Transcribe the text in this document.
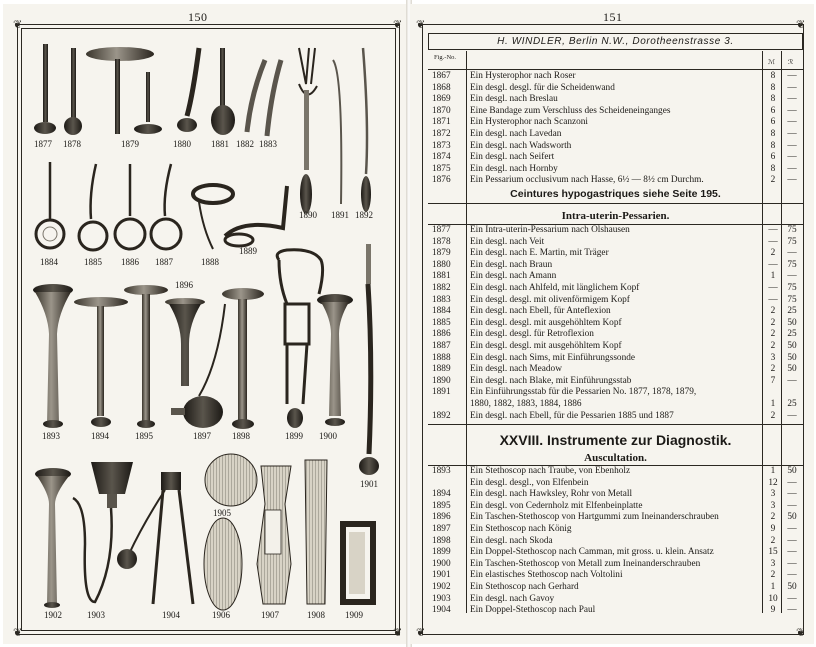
150
❦	❦
❦	❦
1877 1878	1879	1880 1881 1882 1883
1890 1891 1892
1884	1885 1886 1887	1888
1889
1896
1893	1894	1895	1897 1898	1899 1900
1901
1902	1903	1904
1905
1906	1907	1908 1909
151
❦	❦
❦	❦
H. WINDLER, Berlin N.W., Dorotheenstrasse 3.
Fig.-No.
ℳ ℛ
1867 Ein Hysterophor nach Roser	8	—
1868 Ein desgl. desgl. für die Scheidenwand	8	—
1869 Ein desgl. nach Breslau	8	—
1870 Eine Bandage zum Verschluss des Scheideneinganges	6	—
1871 Ein Hysterophor nach Scanzoni	6	—
1872 Ein desgl. nach Lavedan	8	—
1873 Ein desgl. nach Wadsworth	8	—
1874 Ein desgl. nach Seifert	6	—
1875 Ein desgl. nach Hornby	8	—
1876 Ein Pessarium occlusivum nach Hasse, 6½ — 8½ cm Durchm.	2	—
Ceintures hypogastriques siehe Seite 195.
Intra-uterin-Pessarien.
1877 Ein Intra-uterin-Pessarium nach Olshausen	—	75
1878 Ein desgl. nach Veit	—	75
1879 Ein desgl. nach E. Martin, mit Träger	2	—
1880 Ein desgl. nach Braun	—	75
1881 Ein desgl. nach Amann	1	—
1882 Ein desgl. nach Ahlfeld, mit länglichem Kopf	—	75
1883 Ein desgl. desgl. mit olivenförmigem Kopf	—	75
1884 Ein desgl. nach Ebell, für Anteflexion	2	25
1885 Ein desgl. desgl. mit ausgehöhltem Kopf	2	50
1886 Ein desgl. desgl. für Retroflexion	2	25
1887 Ein desgl. desgl. mit ausgehöhltem Kopf	2	50
1888 Ein desgl. nach Sims, mit Einführungssonde	3	50
1889 Ein desgl. nach Meadow	2	50
1890 Ein desgl. nach Blake, mit Einführungsstab	7	—
1891 Ein Einführungsstab für die Pessarien No. 1877, 1878, 1879,
1880, 1882, 1883, 1884, 1886	1	25
1892 Ein desgl. nach Ebell, für die Pessarien 1885 und 1887	2	—
XXVIII. Instrumente zur Diagnostik.
Auscultation.
1893 Ein Stethoscop nach Traube, von Ebenholz	1	50
Ein desgl. desgl., von Elfenbein	12	—
1894 Ein desgl. nach Hawksley, Rohr von Metall	3	—
1895 Ein desgl. von Cedernholz mit Elfenbeinplatte	3	—
1896 Ein Taschen-Stethoscop von Hartgummi zum Ineinanderschrauben	2	50
1897 Ein Stethoscop nach König	9	—
1898 Ein desgl. nach Skoda	2	—
1899 Ein Doppel-Stethoscop nach Camman, mit gross. u. klein. Ansatz	15	—
1900 Ein Taschen-Stethoscop von Metall zum Ineinanderschrauben	3	—
1901 Ein elastisches Stethoscop nach Voltolini	2	—
1902 Ein Stethoscop nach Gerhard	1	50
1903 Ein desgl. nach Gavoy	10	—
1904 Ein Doppel-Stethoscop nach Paul	9	—
